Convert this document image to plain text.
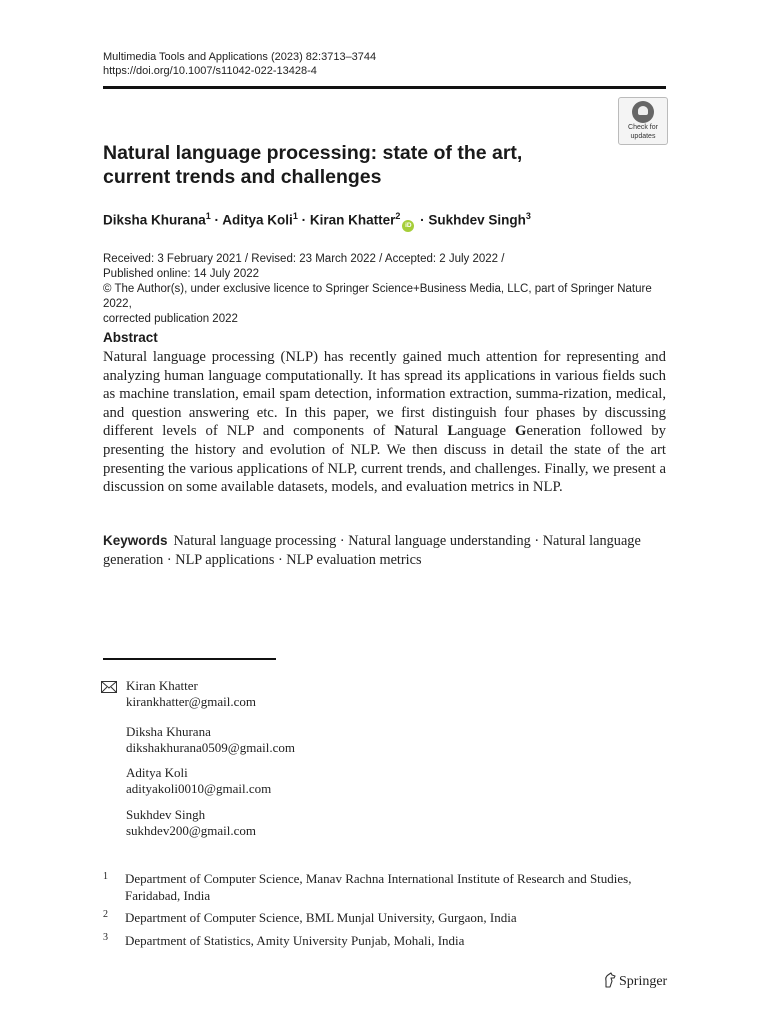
Multimedia Tools and Applications (2023) 82:3713–3744
https://doi.org/10.1007/s11042-022-13428-4
Check for
updates
Natural language processing: state of the art,
current trends and challenges
Diksha Khurana$^1$ · Aditya Koli$^1$ · Kiran Khatter$^2$iD · Sukhdev Singh$^3$
Received: 3 February 2021 / Revised: 23 March 2022 / Accepted: 2 July 2022 /
Published online: 14 July 2022
© The Author(s), under exclusive licence to Springer Science+Business Media, LLC, part of Springer Nature 2022,
corrected publication 2022
Abstract
Natural language processing (NLP) has recently gained much attention for representing and analyzing human language computationally. It has spread its applications in various fields such as machine translation, email spam detection, information extraction, summa-rization, medical, and question answering etc. In this paper, we first distinguish four phases by discussing different levels of NLP and components of Natural Language Generation followed by presenting the history and evolution of NLP. We then discuss in detail the state of the art presenting the various applications of NLP, current trends, and challenges. Finally, we present a discussion on some available datasets, models, and evaluation metrics in NLP.
Keywords Natural language processing · Natural language understanding · Natural language generation · NLP applications · NLP evaluation metrics
Kiran Khatter
kirankhatter@gmail.com
Diksha Khurana
dikshakhurana0509@gmail.com
Aditya Koli
adityakoli0010@gmail.com
Sukhdev Singh
sukhdev200@gmail.com
1 Department of Computer Science, Manav Rachna International Institute of Research and Studies,
Faridabad, India
2 Department of Computer Science, BML Munjal University, Gurgaon, India
3 Department of Statistics, Amity University Punjab, Mohali, India
Springer
